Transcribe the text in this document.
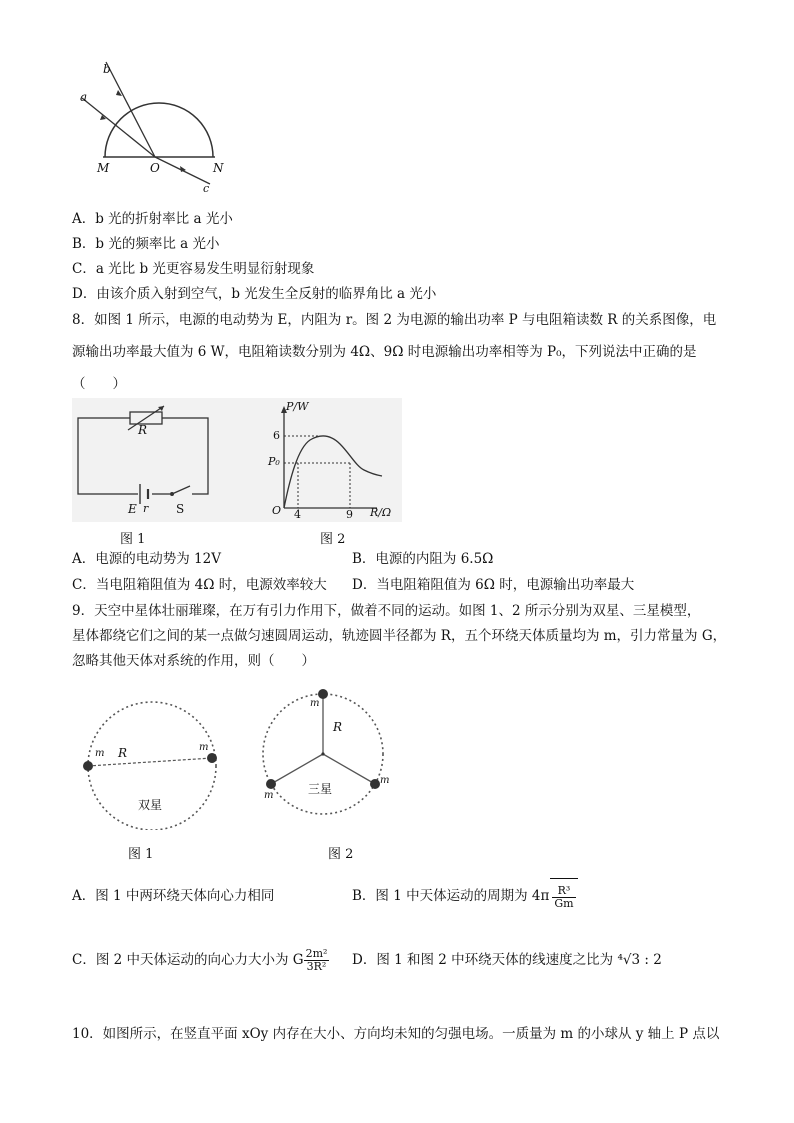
b
a
M	O	N
c
A．b 光的折射率比 a 光小
B．b 光的频率比 a 光小
C．a 光比 b 光更容易发生明显衍射现象
D．由该介质入射到空气，b 光发生全反射的临界角比 a 光小
8．如图 1 所示，电源的电动势为 E，内阻为 r。图 2 为电源的输出功率 P 与电阻箱读数 R 的关系图像，电
源输出功率最大值为 6 W，电阻箱读数分别为 4Ω、9Ω 时电源输出功率相等为 P₀，下列说法中正确的是
（　　）
R
E r S
P/W
6
P₀
O 4	9 R/Ω
图 1	图 2
A．电源的电动势为 12V	B．电源的内阻为 6.5Ω
C．当电阻箱阻值为 4Ω 时，电源效率较大 D．当电阻箱阻值为 6Ω 时，电源输出功率最大
9．天空中星体壮丽璀璨，在万有引力作用下，做着不同的运动。如图 1、2 所示分别为双星、三星模型，
星体都绕它们之间的某一点做匀速圆周运动，轨迹圆半径都为 R，五个环绕天体质量均为 m，引力常量为 G，
忽略其他天体对系统的作用，则（　　）
m R	m
双星
m
R
m
m
三星
图 1	图 2
A．图 1 中两环绕天体向心力相同	B．图 1 中天体运动的周期为 $4\pi \frac{\text{R³}}{Gm}$
C．图 2 中天体运动的向心力大小为 G $\frac{\text{2m²}}{\text{3R²}}$ D．图 1 和图 2 中环绕天体的线速度之比为 ⁴√3 : 2
10．如图所示，在竖直平面 xOy 内存在大小、方向均未知的匀强电场。一质量为 m 的小球从 y 轴上 P 点以
